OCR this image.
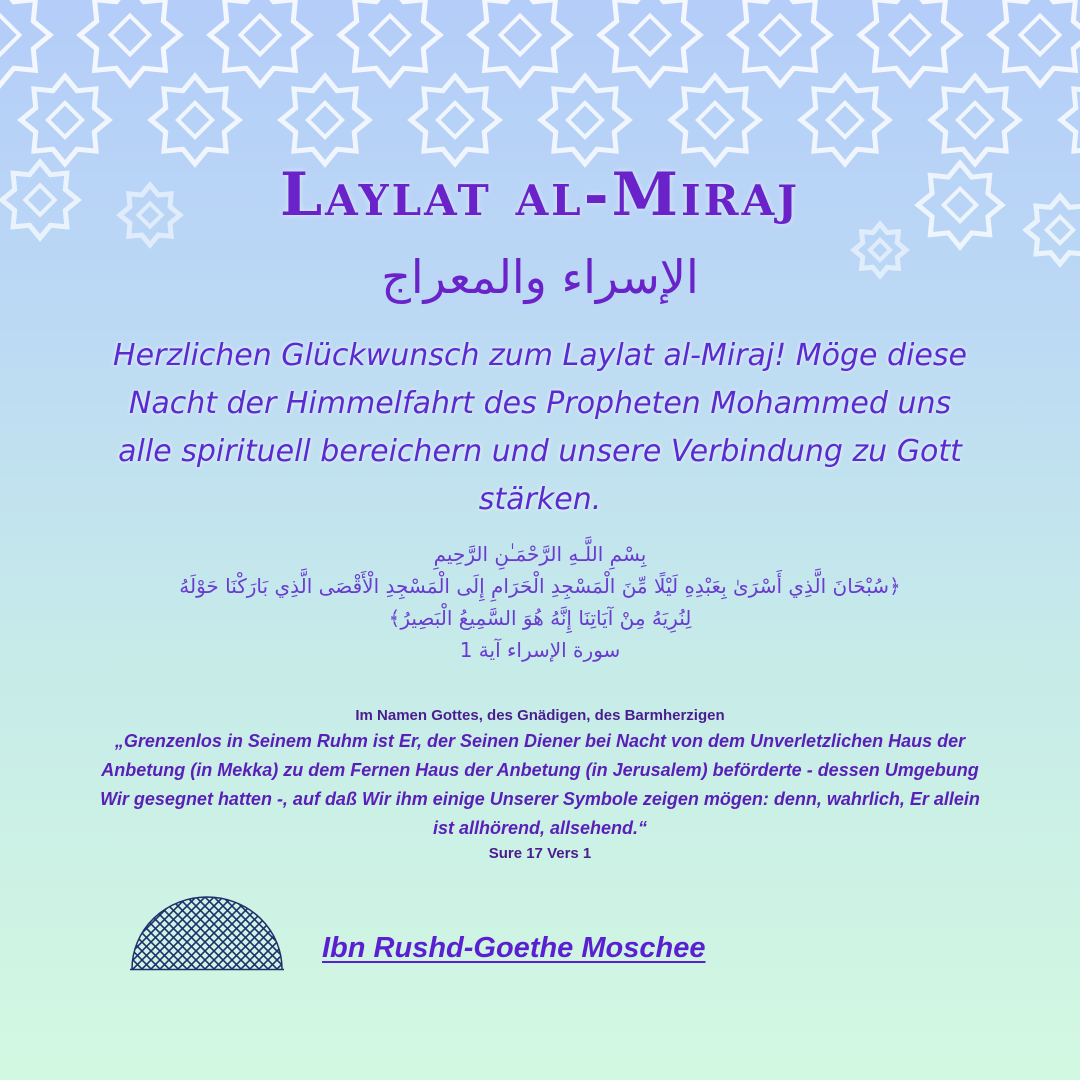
Laylat al-Miraj
الإسراء والمعراج
Herzlichen Glückwunsch zum Laylat al-Miraj! Möge diese Nacht der Himmelfahrt des Propheten Mohammed uns alle spirituell bereichern und unsere Verbindung zu Gott stärken.
بِسْمِ اللَّـهِ الرَّحْمَـٰنِ الرَّحِيمِ
﴿سُبْحَانَ الَّذِي أَسْرَىٰ بِعَبْدِهِ لَيْلًا مِّنَ الْمَسْجِدِ الْحَرَامِ إِلَى الْمَسْجِدِ الْأَقْصَى الَّذِي بَارَكْنَا حَوْلَهُ
لِنُرِيَهُ مِنْ آيَاتِنَا إِنَّهُ هُوَ السَّمِيعُ الْبَصِيرُ﴾
سورة الإسراء آية 1
Im Namen Gottes, des Gnädigen, des Barmherzigen
„Grenzenlos in Seinem Ruhm ist Er, der Seinen Diener bei Nacht von dem Unverletzlichen Haus der Anbetung (in Mekka) zu dem Fernen Haus der Anbetung (in Jerusalem) beförderte - dessen Umgebung Wir gesegnet hatten -, auf daß Wir ihm einige Unserer Symbole zeigen mögen: denn, wahrlich, Er allein ist allhörend, allsehend.“
Sure 17 Vers 1
Ibn Rushd-Goethe Moschee
